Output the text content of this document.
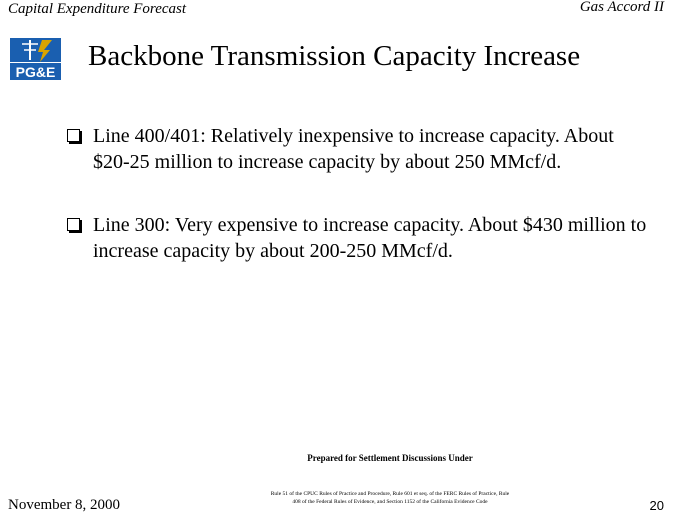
Capital Expenditure Forecast	Gas Accord II
PG&E Backbone Transmission Capacity Increase
Line 400/401: Relatively inexpensive to increase capacity. About $20-25 million to increase capacity by about 250 MMcf/d.
Line 300: Very expensive to increase capacity. About $430 million to increase capacity by about 200-250 MMcf/d.
November 8, 2000
Prepared for Settlement Discussions Under
Rule 51 of the CPUC Rules of Practice and Procedure, Rule 601 et seq. of the FERC Rules of Practice, Rule 408 of the Federal Rules of Evidence, and Section 1152 of the California Evidence Code	20
